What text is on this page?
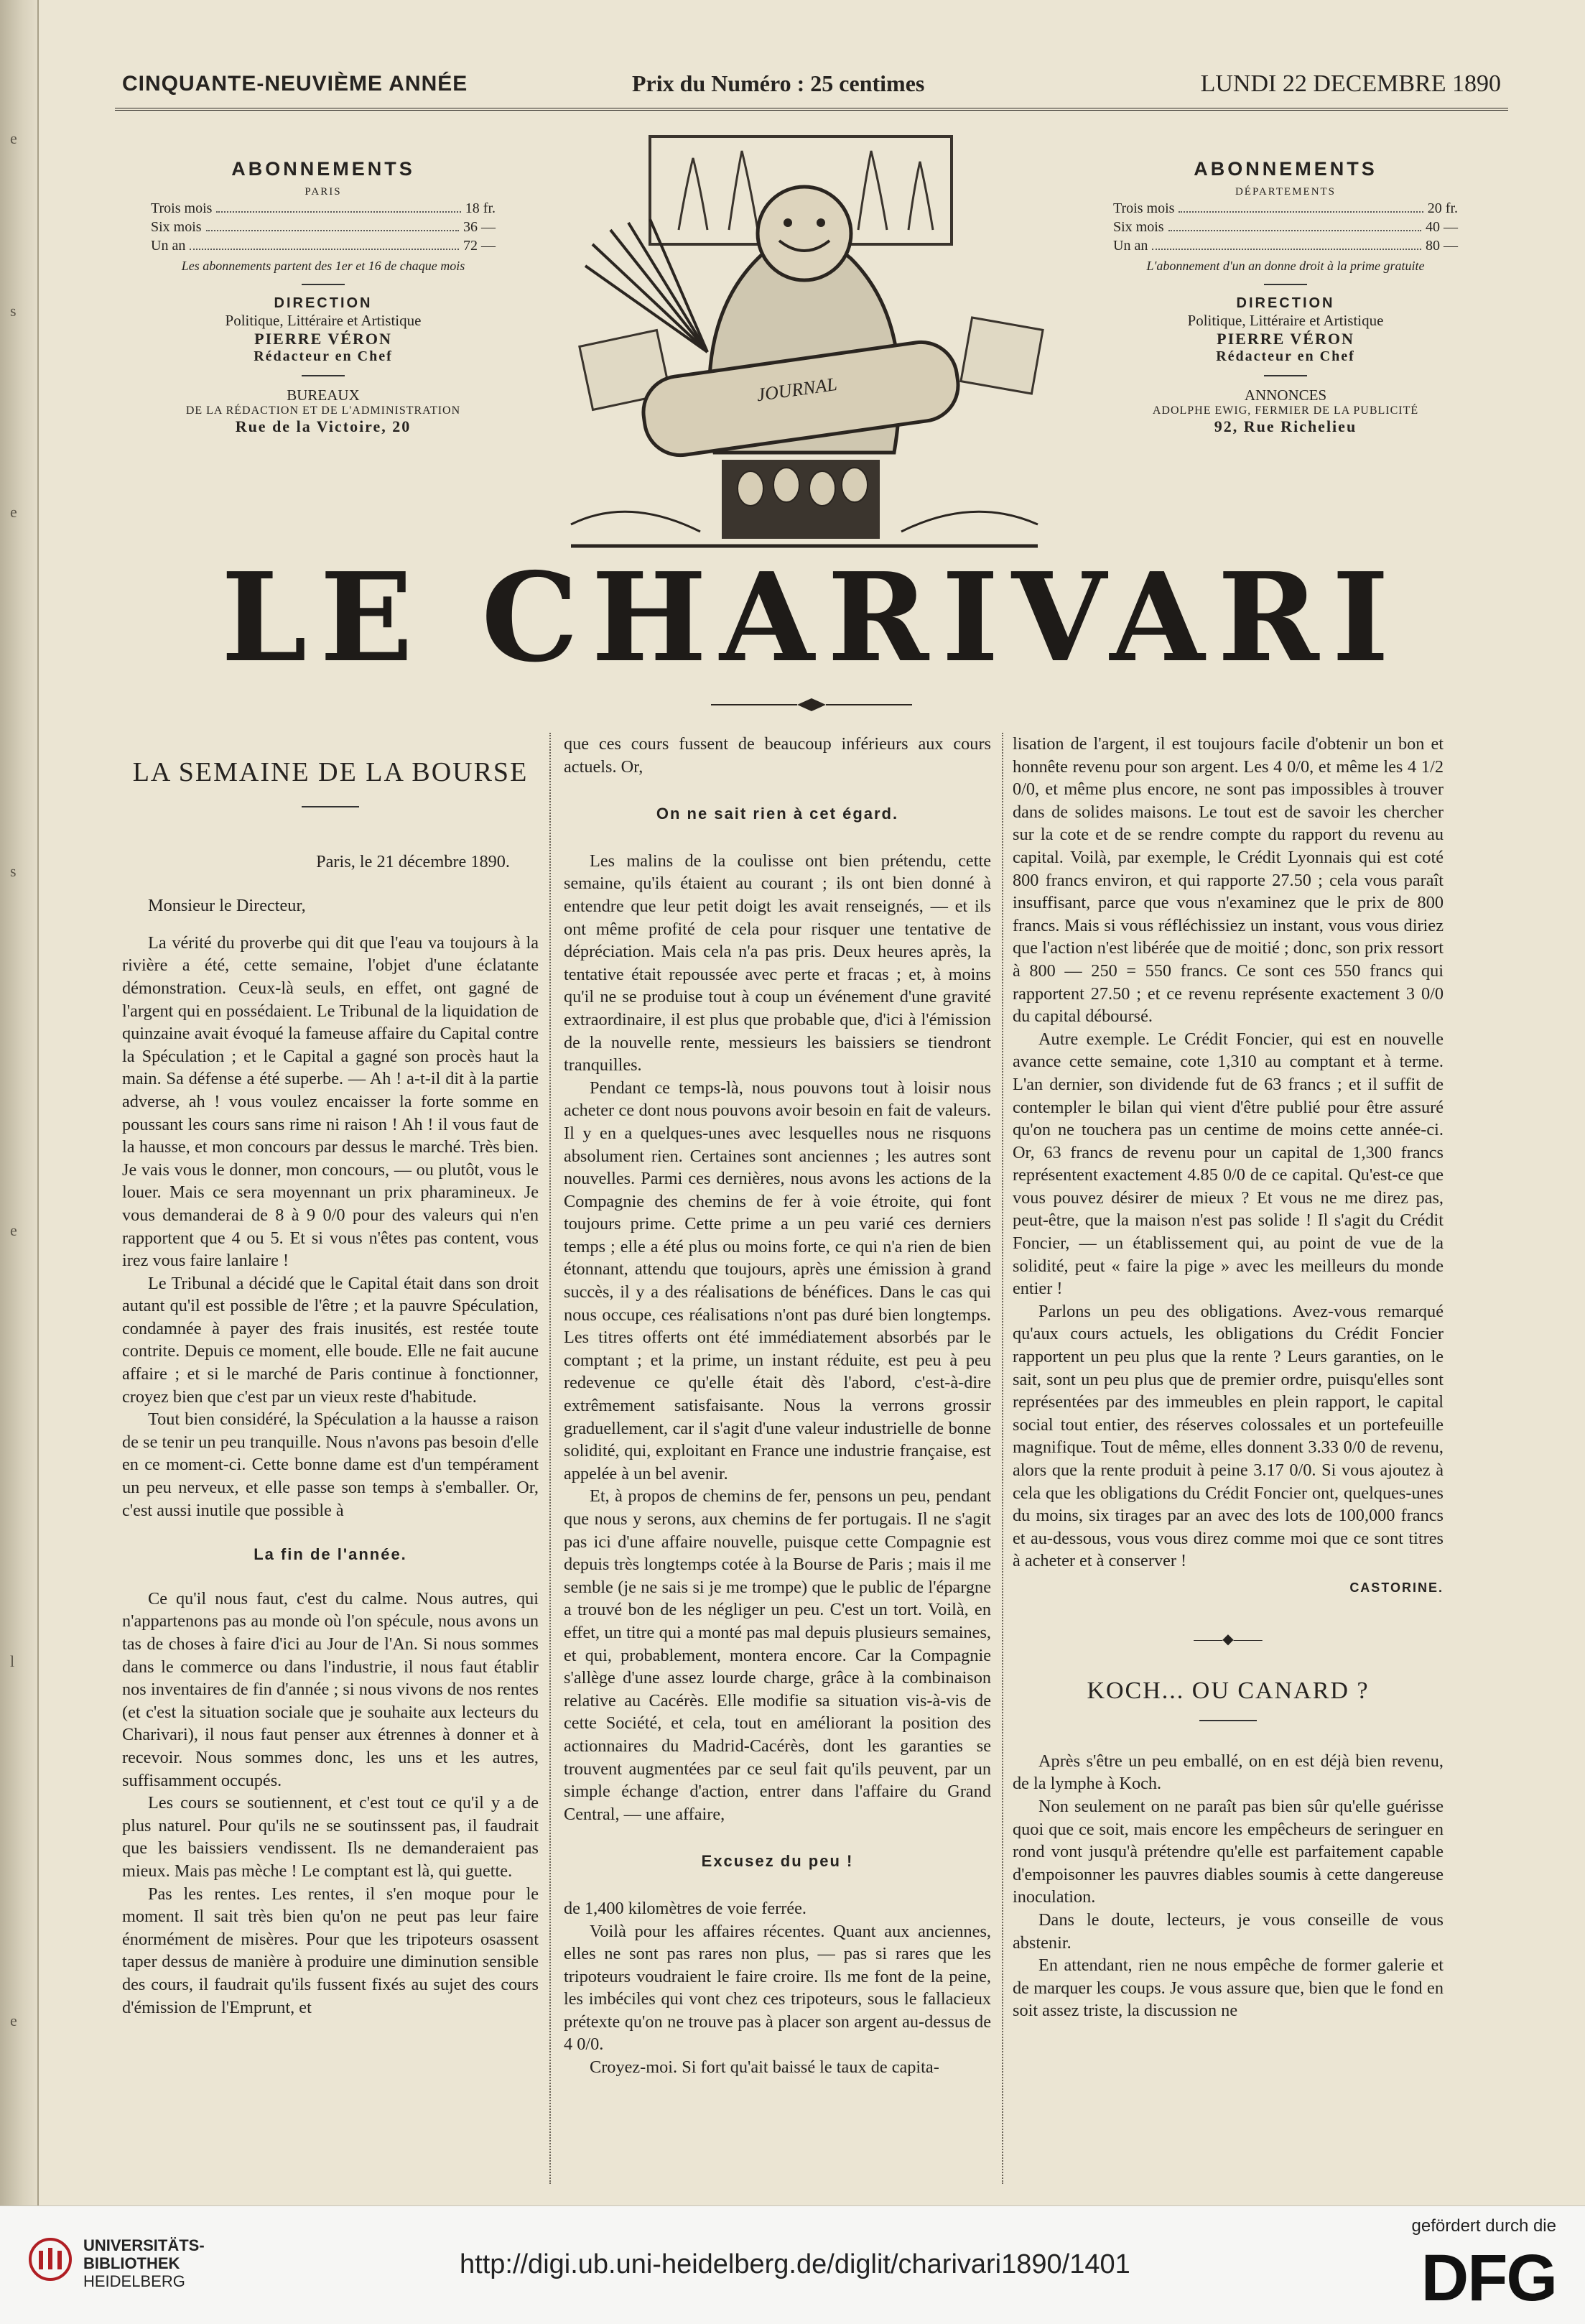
e
s
e
s
e
l
e
CINQUANTE-NEUVIÈME ANNÉE	Prix du Numéro : 25 centimes	LUNDI 22 DECEMBRE 1890
ABONNEMENTS
PARIS
Trois mois	18 fr.
Six mois	36 —
Un an	72 —
Les abonnements partent des 1er et 16 de chaque mois
DIRECTION
Politique, Littéraire et Artistique
PIERRE VÉRON
Rédacteur en Chef
BUREAUX
DE LA RÉDACTION ET DE L'ADMINISTRATION
Rue de la Victoire, 20
ABONNEMENTS
DÉPARTEMENTS
Trois mois	20 fr.
Six mois	40 —
Un an	80 —
L'abonnement d'un an donne droit à la prime gratuite
DIRECTION
Politique, Littéraire et Artistique
PIERRE VÉRON
Rédacteur en Chef
ANNONCES
ADOLPHE EWIG, FERMIER DE LA PUBLICITÉ
92, Rue Richelieu
JOURNAL
LE CHARIVARI
LA SEMAINE DE LA BOURSE

Paris, le 21 décembre 1890.

Monsieur le Directeur,

La vérité du proverbe qui dit que l'eau va toujours à la rivière a été, cette semaine, l'objet d'une éclatante démonstration. Ceux-là seuls, en effet, ont gagné de l'argent qui en possédaient. Le Tribunal de la liquidation de quinzaine avait évoqué la fameuse affaire du Capital contre la Spéculation ; et le Capital a gagné son procès haut la main. Sa défense a été superbe. — Ah ! a-t-il dit à la partie adverse, ah ! vous voulez encaisser la forte somme en poussant les cours sans rime ni raison ! Ah ! il vous faut de la hausse, et mon concours par dessus le marché. Très bien. Je vais vous le donner, mon concours, — ou plutôt, vous le louer. Mais ce sera moyennant un prix pharamineux. Je vous demanderai de 8 à 9 0/0 pour des valeurs qui n'en rapportent que 4 ou 5. Et si vous n'êtes pas content, vous irez vous faire lanlaire !

Le Tribunal a décidé que le Capital était dans son droit autant qu'il est possible de l'être ; et la pauvre Spéculation, condamnée à payer des frais inusités, est restée toute contrite. Depuis ce moment, elle boude. Elle ne fait aucune affaire ; et si le marché de Paris continue à fonctionner, croyez bien que c'est par un vieux reste d'habitude.

Tout bien considéré, la Spéculation a la hausse a raison de se tenir un peu tranquille. Nous n'avons pas besoin d'elle en ce moment-ci. Cette bonne dame est d'un tempérament un peu nerveux, et elle passe son temps à s'emballer. Or, c'est aussi inutile que possible à

La fin de l'année.

Ce qu'il nous faut, c'est du calme. Nous autres, qui n'appartenons pas au monde où l'on spécule, nous avons un tas de choses à faire d'ici au Jour de l'An. Si nous sommes dans le commerce ou dans l'industrie, il nous faut établir nos inventaires de fin d'année ; si nous vivons de nos rentes (et c'est la situation sociale que je souhaite aux lecteurs du Charivari), il nous faut penser aux étrennes à donner et à recevoir. Nous sommes donc, les uns et les autres, suffisamment occupés.

Les cours se soutiennent, et c'est tout ce qu'il y a de plus naturel. Pour qu'ils ne se soutinssent pas, il faudrait que les baissiers vendissent. Ils ne demanderaient pas mieux. Mais pas mèche ! Le comptant est là, qui guette.

Pas les rentes. Les rentes, il s'en moque pour le moment. Il sait très bien qu'on ne peut pas leur faire énormément de misères. Pour que les tripoteurs osassent taper dessus de manière à produire une diminution sensible des cours, il faudrait qu'ils fussent fixés au sujet des cours d'émission de l'Emprunt, et

que ces cours fussent de beaucoup inférieurs aux cours actuels. Or,

On ne sait rien à cet égard.

Les malins de la coulisse ont bien prétendu, cette semaine, qu'ils étaient au courant ; ils ont bien donné à entendre que leur petit doigt les avait renseignés, — et ils ont même profité de cela pour risquer une tentative de dépréciation. Mais cela n'a pas pris. Deux heures après, la tentative était repoussée avec perte et fracas ; et, à moins qu'il ne se produise tout à coup un événement d'une gravité extraordinaire, il est plus que probable que, d'ici à l'émission de la nouvelle rente, messieurs les baissiers se tiendront tranquilles.

Pendant ce temps-là, nous pouvons tout à loisir nous acheter ce dont nous pouvons avoir besoin en fait de valeurs. Il y en a quelques-unes avec lesquelles nous ne risquons absolument rien. Certaines sont anciennes ; les autres sont nouvelles. Parmi ces dernières, nous avons les actions de la Compagnie des chemins de fer à voie étroite, qui font toujours prime. Cette prime a un peu varié ces derniers temps ; elle a été plus ou moins forte, ce qui n'a rien de bien étonnant, attendu que toujours, après une émission à grand succès, il y a des réalisations de bénéfices. Dans le cas qui nous occupe, ces réalisations n'ont pas duré bien longtemps. Les titres offerts ont été immédiatement absorbés par le comptant ; et la prime, un instant réduite, est peu à peu redevenue ce qu'elle était dès l'abord, c'est-à-dire extrêmement satisfaisante. Nous la verrons grossir graduellement, car il s'agit d'une valeur industrielle de bonne solidité, qui, exploitant en France une industrie française, est appelée à un bel avenir.

Et, à propos de chemins de fer, pensons un peu, pendant que nous y serons, aux chemins de fer portugais. Il ne s'agit pas ici d'une affaire nouvelle, puisque cette Compagnie est depuis très longtemps cotée à la Bourse de Paris ; mais il me semble (je ne sais si je me trompe) que le public de l'épargne a trouvé bon de les négliger un peu. C'est un tort. Voilà, en effet, un titre qui a monté pas mal depuis plusieurs semaines, et qui, probablement, montera encore. Car la Compagnie s'allège d'une assez lourde charge, grâce à la combinaison relative au Cacérès. Elle modifie sa situation vis-à-vis de cette Société, et cela, tout en améliorant la position des actionnaires du Madrid-Cacérès, dont les garanties se trouvent augmentées par ce seul fait qu'ils peuvent, par un simple échange d'action, entrer dans l'affaire du Grand Central, — une affaire,

Excusez du peu !

de 1,400 kilomètres de voie ferrée.

Voilà pour les affaires récentes. Quant aux anciennes, elles ne sont pas rares non plus, — pas si rares que les tripoteurs voudraient le faire croire. Ils me font de la peine, les imbéciles qui vont chez ces tripoteurs, sous le fallacieux prétexte qu'on ne trouve pas à placer son argent au-dessus de 4 0/0.

Croyez-moi. Si fort qu'ait baissé le taux de capita-

lisation de l'argent, il est toujours facile d'obtenir un bon et honnête revenu pour son argent. Les 4 0/0, et même les 4 1/2 0/0, et même plus encore, ne sont pas impossibles à trouver dans de solides maisons. Le tout est de savoir les chercher sur la cote et de se rendre compte du rapport du revenu au capital. Voilà, par exemple, le Crédit Lyonnais qui est coté 800 francs environ, et qui rapporte 27.50 ; cela vous paraît insuffisant, parce que vous n'examinez que le prix de 800 francs. Mais si vous réfléchissiez un instant, vous vous diriez que l'action n'est libérée que de moitié ; donc, son prix ressort à 800 — 250 = 550 francs. Ce sont ces 550 francs qui rapportent 27.50 ; et ce revenu représente exactement 3 0/0 du capital déboursé.

Autre exemple. Le Crédit Foncier, qui est en nouvelle avance cette semaine, cote 1,310 au comptant et à terme. L'an dernier, son dividende fut de 63 francs ; et il suffit de contempler le bilan qui vient d'être publié pour être assuré qu'on ne touchera pas un centime de moins cette année-ci. Or, 63 francs de revenu pour un capital de 1,300 francs représentent exactement 4.85 0/0 de ce capital. Qu'est-ce que vous pouvez désirer de mieux ? Et vous ne me direz pas, peut-être, que la maison n'est pas solide ! Il s'agit du Crédit Foncier, — un établissement qui, au point de vue de la solidité, peut « faire la pige » avec les meilleurs du monde entier !

Parlons un peu des obligations. Avez-vous remarqué qu'aux cours actuels, les obligations du Crédit Foncier rapportent un peu plus que la rente ? Leurs garanties, on le sait, sont un peu plus que de premier ordre, puisqu'elles sont représentées par des immeubles en plein rapport, le capital social tout entier, des réserves colossales et un portefeuille magnifique. Tout de même, elles donnent 3.33 0/0 de revenu, alors que la rente produit à peine 3.17 0/0. Si vous ajoutez à cela que les obligations du Crédit Foncier ont, quelques-unes du moins, six tirages par an avec des lots de 100,000 francs et au-dessous, vous vous direz comme moi que ce sont titres à acheter et à conserver !

CASTORINE.
——◆——
KOCH... OU CANARD ?

Après s'être un peu emballé, on en est déjà bien revenu, de la lymphe à Koch.

Non seulement on ne paraît pas bien sûr qu'elle guérisse quoi que ce soit, mais encore les empêcheurs de seringuer en rond vont jusqu'à prétendre qu'elle est parfaitement capable d'empoisonner les pauvres diables soumis à cette dangereuse inoculation.

Dans le doute, lecteurs, je vous conseille de vous abstenir.

En attendant, rien ne nous empêche de former galerie et de marquer les coups. Je vous assure que, bien que le fond en soit assez triste, la discussion ne

UNIVERSITÄTS-
BIBLIOTHEK
HEIDELBERG
http://digi.ub.uni-heidelberg.de/diglit/charivari1890/1401
gefördert durch die
DFG
